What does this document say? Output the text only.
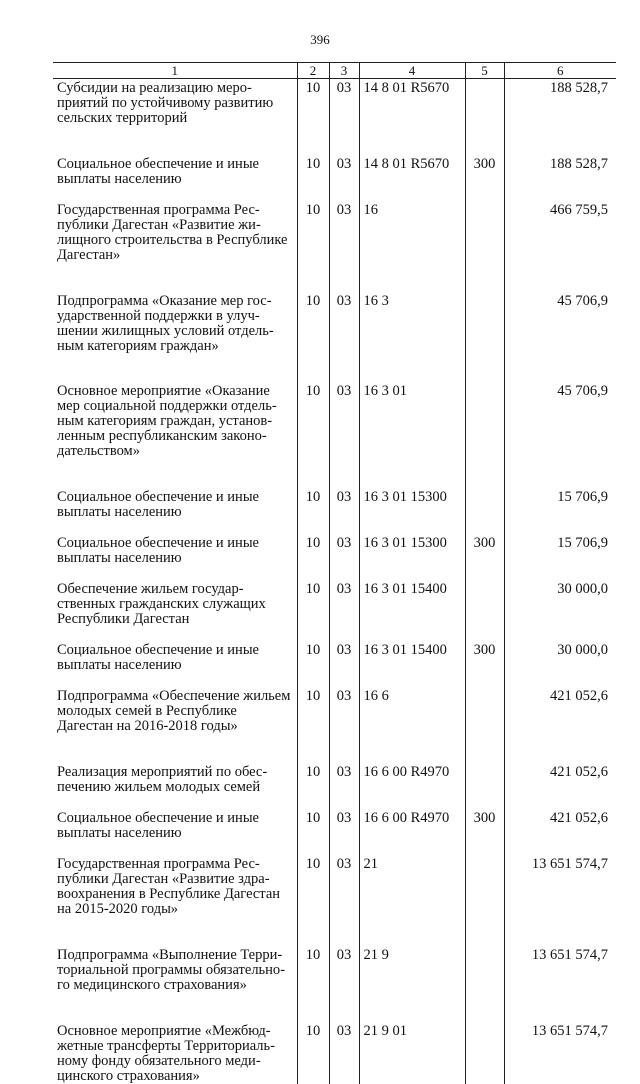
396
1	2	3	4	5	6
Субсидии на реализацию мероприятий по устойчивому развитию сельских территорий	10	03	14 8 01 R5670		188 528,7
Социальное обеспечение и иные выплаты населению	10	03	14 8 01 R5670	300	188 528,7
Государственная программа Республики Дагестан «Развитие жилищного строительства в Республике Дагестан»	10	03	16		466 759,5
Подпрограмма «Оказание мер государственной поддержки в улучшении жилищных условий отдельным категориям граждан»	10	03	16 3		45 706,9
Основное мероприятие «Оказание мер социальной поддержки отдельным категориям граждан, установленным республиканским законодательством»	10	03	16 3 01		45 706,9
Социальное обеспечение и иные выплаты населению	10	03	16 3 01 15300		15 706,9
Социальное обеспечение и иные выплаты населению	10	03	16 3 01 15300	300	15 706,9
Обеспечение жильем государственных гражданских служащих Республики Дагестан	10	03	16 3 01 15400		30 000,0
Социальное обеспечение и иные выплаты населению	10	03	16 3 01 15400	300	30 000,0
Подпрограмма «Обеспечение жильем молодых семей в Республике Дагестан на 2016-2018 годы»	10	03	16 6		421 052,6
Реализация мероприятий по обеспечению жильем молодых семей	10	03	16 6 00 R4970		421 052,6
Социальное обеспечение и иные выплаты населению	10	03	16 6 00 R4970	300	421 052,6
Государственная программа Республики Дагестан «Развитие здравоохранения в Республике Дагестан на 2015-2020 годы»	10	03	21		13 651 574,7
Подпрограмма «Выполнение Территориальной программы обязательного медицинского страхования»	10	03	21 9		13 651 574,7
Основное мероприятие «Межбюджетные трансферты Территориальному фонду обязательного медицинского страхования»	10	03	21 9 01		13 651 574,7
